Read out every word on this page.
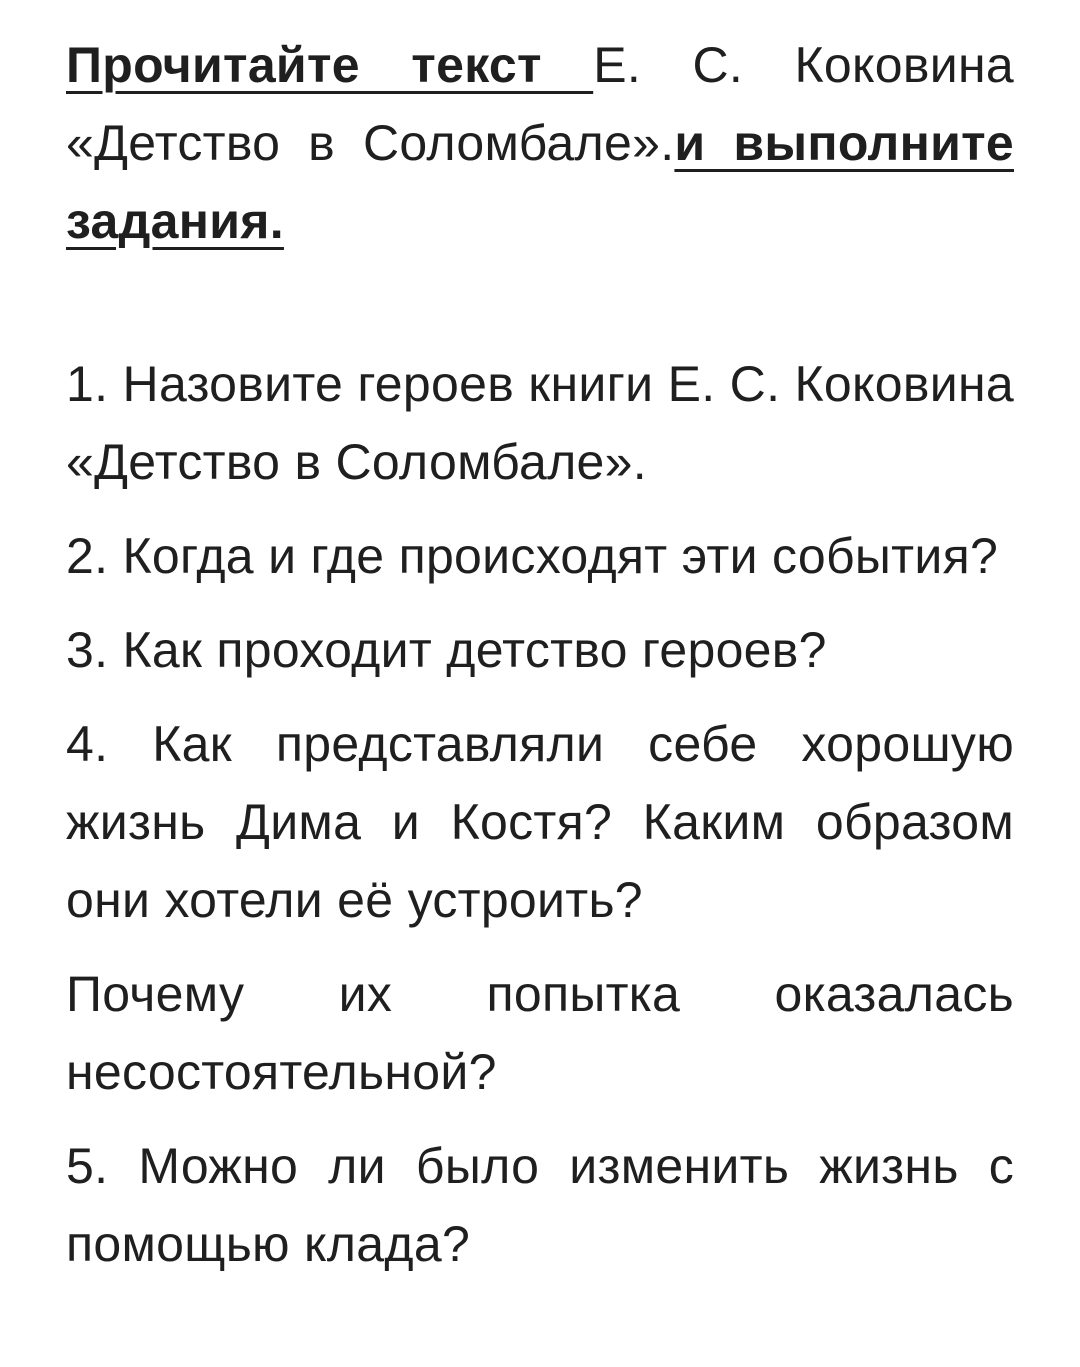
Прочитайте текст Е. С. Коковина «Детство в Соломбале».и выполните задания.

1. Назовите героев книги Е. С. Коковина «Детство в Соломбале».

2. Когда и где происходят эти события?

3. Как проходит детство героев?

4. Как представляли себе хорошую жизнь Дима и Костя? Каким образом они хотели её устроить?

Почему их попытка оказалась несостоятельной?

5. Можно ли было изменить жизнь с помощью клада?
